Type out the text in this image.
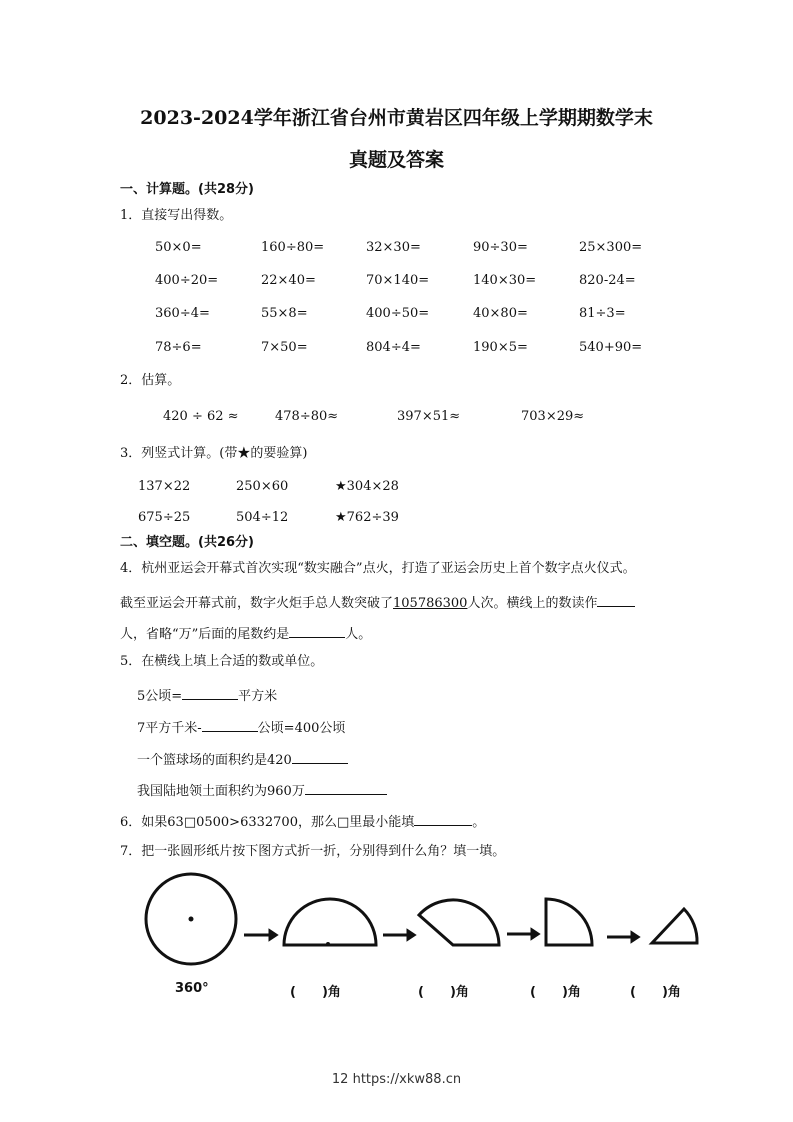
2023-2024学年浙江省台州市黄岩区四年级上学期期数学末
真题及答案
一、计算题。(共28分)
1．直接写出得数。
50×0=	160÷80=	32×30=	90÷30=	25×300=
400÷20=	22×40=	70×140=	140×30=	820-24=
360÷4=	55×8=	400÷50=	40×80=	81÷3=
78÷6=	7×50=	804÷4=	190×5=	540+90=
2．估算。
420 ÷ 62 ≈	478÷80≈	397×51≈	703×29≈
3．列竖式计算。(带★的要验算)
137×22	250×60	★304×28
675÷25	504÷12	★762÷39
二、填空题。(共26分)
4．杭州亚运会开幕式首次实现“数实融合”点火，打造了亚运会历史上首个数字点火仪式。
截至亚运会开幕式前，数字火炬手总人数突破了105786300人次。横线上的数读作
人，省略“万”后面的尾数约是	人。
5．在横线上填上合适的数或单位。
5公顷=	平方米
7平方千米-	公顷=400公顷
一个篮球场的面积约是420
我国陆地领土面积约为960万
6．如果63□0500>6332700，那么□里最小能填	。
7．把一张圆形纸片按下图方式折一折，分别得到什么角？填一填。
360°	(　　)角	(　　)角	(　　)角	(　　)角
12 https://xkw88.cn
